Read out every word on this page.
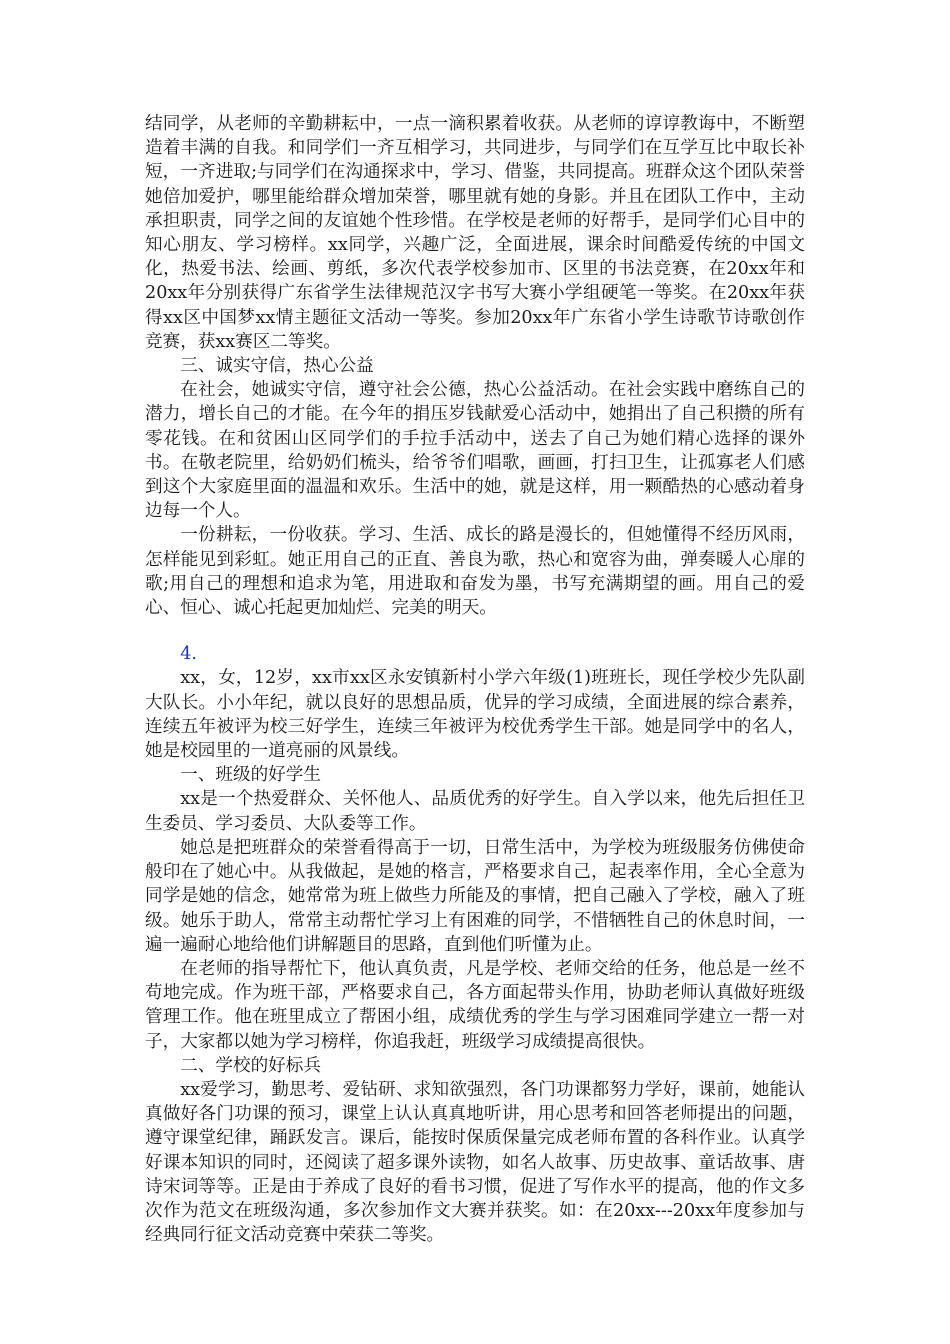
结同学，从老师的辛勤耕耘中，一点一滴积累着收获。从老师的谆谆教诲中，不断塑造着丰满的自我。和同学们一齐互相学习，共同进步，与同学们在互学互比中取长补短，一齐进取;与同学们在沟通探求中，学习、借鉴，共同提高。班群众这个团队荣誉她倍加爱护，哪里能给群众增加荣誉，哪里就有她的身影。并且在团队工作中，主动承担职责，同学之间的友谊她个性珍惜。在学校是老师的好帮手，是同学们心目中的知心朋友、学习榜样。xx同学，兴趣广泛，全面进展，课余时间酷爱传统的中国文化，热爱书法、绘画、剪纸，多次代表学校参加市、区里的书法竞赛，在20xx年和20xx年分别获得广东省学生法律规范汉字书写大赛小学组硬笔一等奖。在20xx年获得xx区中国梦xx情主题征文活动一等奖。参加20xx年广东省小学生诗歌节诗歌创作竞赛，获xx赛区二等奖。

三、诚实守信，热心公益

在社会，她诚实守信，遵守社会公德，热心公益活动。在社会实践中磨练自己的潜力，增长自己的才能。在今年的捐压岁钱献爱心活动中，她捐出了自己积攒的所有零花钱。在和贫困山区同学们的手拉手活动中，送去了自己为她们精心选择的课外书。在敬老院里，给奶奶们梳头，给爷爷们唱歌，画画，打扫卫生，让孤寡老人们感到这个大家庭里面的温温和欢乐。生活中的她，就是这样，用一颗酷热的心感动着身边每一个人。

一份耕耘，一份收获。学习、生活、成长的路是漫长的，但她懂得不经历风雨，怎样能见到彩虹。她正用自己的正直、善良为歌，热心和宽容为曲，弹奏暖人心扉的歌;用自己的理想和追求为笔，用进取和奋发为墨，书写充满期望的画。用自己的爱心、恒心、诚心托起更加灿烂、完美的明天。

4.

xx，女，12岁，xx市xx区永安镇新村小学六年级(1)班班长，现任学校少先队副大队长。小小年纪，就以良好的思想品质，优异的学习成绩，全面进展的综合素养，连续五年被评为校三好学生，连续三年被评为校优秀学生干部。她是同学中的名人，她是校园里的一道亮丽的风景线。

一、班级的好学生

xx是一个热爱群众、关怀他人、品质优秀的好学生。自入学以来，他先后担任卫生委员、学习委员、大队委等工作。

她总是把班群众的荣誉看得高于一切，日常生活中，为学校为班级服务仿佛使命般印在了她心中。从我做起，是她的格言，严格要求自己，起表率作用，全心全意为同学是她的信念，她常常为班上做些力所能及的事情，把自己融入了学校，融入了班级。她乐于助人，常常主动帮忙学习上有困难的同学，不惜牺牲自己的休息时间，一遍一遍耐心地给他们讲解题目的思路，直到他们听懂为止。

在老师的指导帮忙下，他认真负责，凡是学校、老师交给的任务，他总是一丝不苟地完成。作为班干部，严格要求自己，各方面起带头作用，协助老师认真做好班级管理工作。他在班里成立了帮困小组，成绩优秀的学生与学习困难同学建立一帮一对子，大家都以她为学习榜样，你追我赶，班级学习成绩提高很快。

二、学校的好标兵

xx爱学习，勤思考、爱钻研、求知欲强烈，各门功课都努力学好，课前，她能认真做好各门功课的预习，课堂上认认真真地听讲，用心思考和回答老师提出的问题，遵守课堂纪律，踊跃发言。课后，能按时保质保量完成老师布置的各科作业。认真学好课本知识的同时，还阅读了超多课外读物，如名人故事、历史故事、童话故事、唐诗宋词等等。正是由于养成了良好的看书习惯，促进了写作水平的提高，他的作文多次作为范文在班级沟通，多次参加作文大赛并获奖。如：在20xx---20xx年度参加与经典同行征文活动竞赛中荣获二等奖。
